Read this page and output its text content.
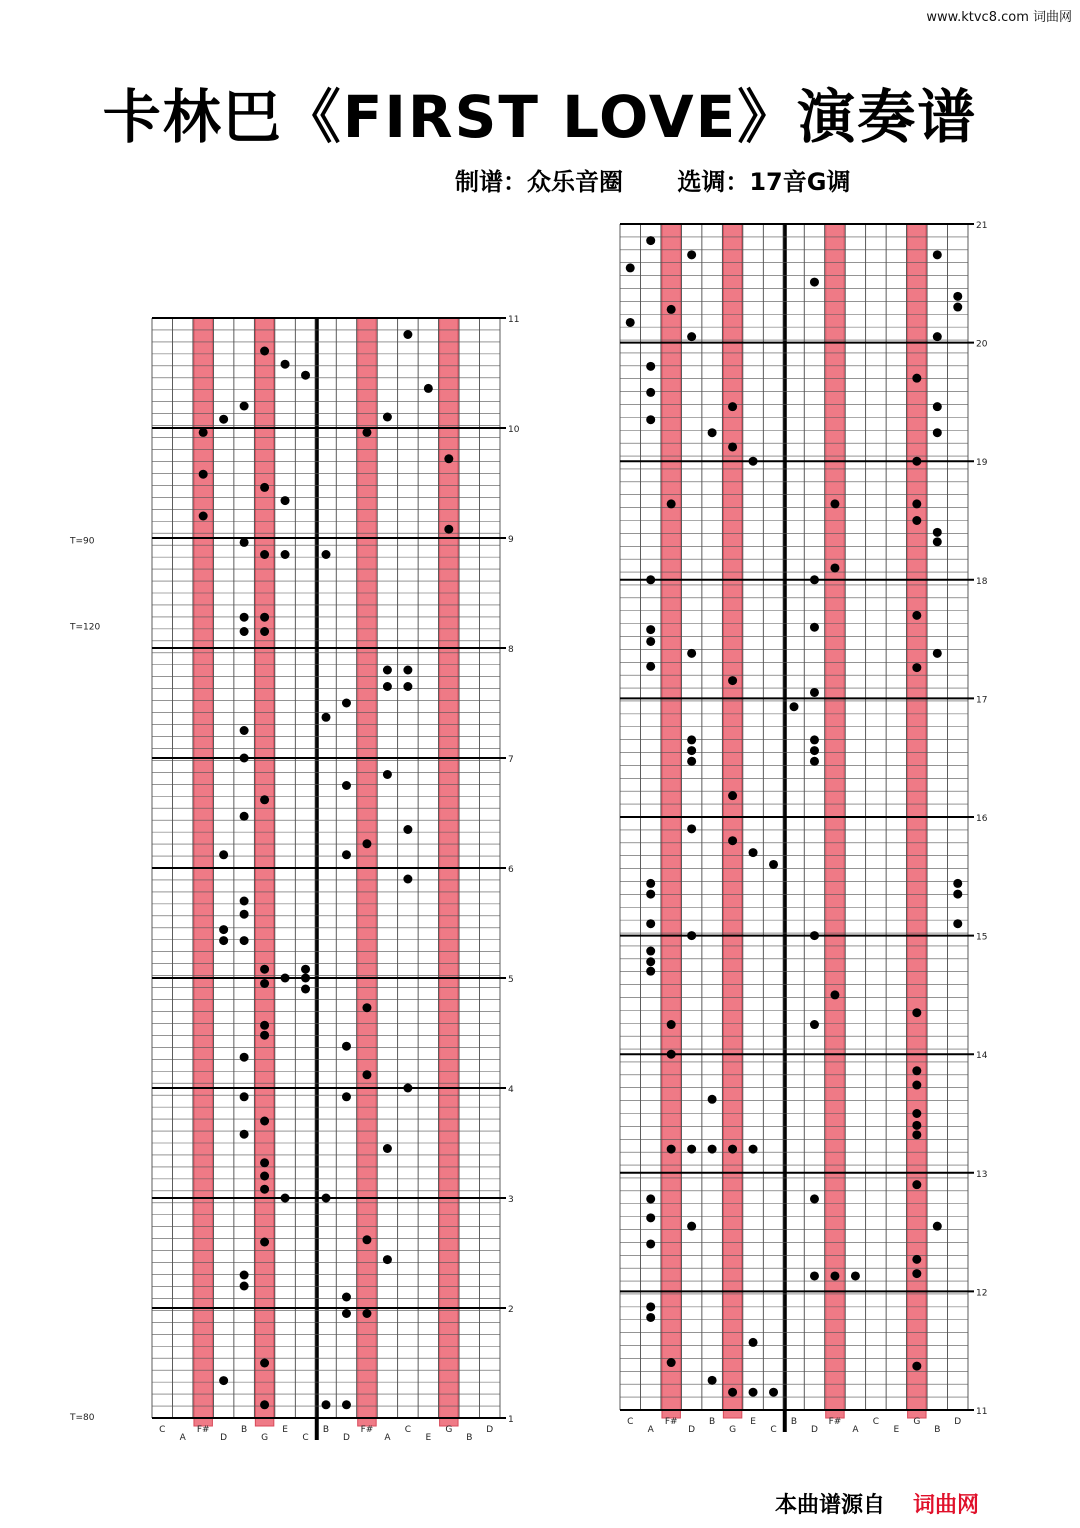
www.ktvc8.com 词曲网
卡林巴《FIRST LOVE》演奏谱
制谱：众乐音圈 选调：17音G调
11
10
9
8
7
6
5
4
3
2
1
C
A
F#
D
B
G
E
C
B
D
F#
A
C
E
G
B
D
T=90
T=120
T=80
21
20
19
18
17
16
15
14
13
12
11
C
A
F#
D
B
G
E
C
B
D
F#
A
C
E
G
B
D
本曲谱源自 词曲网
